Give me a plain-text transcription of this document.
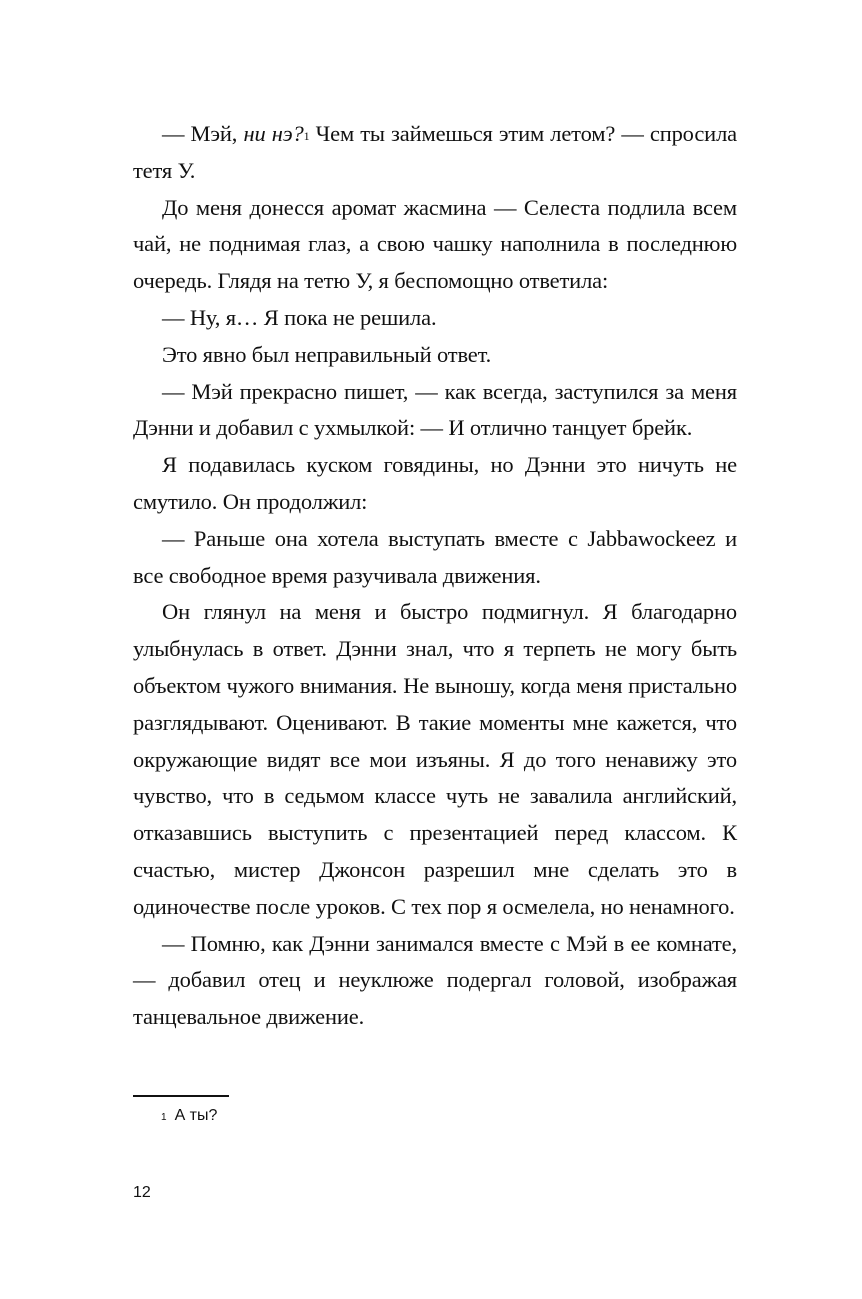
— Мэй, ни нэ?$^1$ Чем ты займешься этим летом? — спросила тетя У.

До меня донесся аромат жасмина — Селеста подлила всем чай, не поднимая глаз, а свою чашку наполнила в последнюю очередь. Глядя на тетю У, я беспомощно ответила:

— Ну, я… Я пока не решила.

Это явно был неправильный ответ.

— Мэй прекрасно пишет, — как всегда, заступился за меня Дэнни и добавил с ухмылкой: — И отлично танцует брейк.

Я подавилась куском говядины, но Дэнни это ничуть не смутило. Он продолжил:

— Раньше она хотела выступать вместе с Jabbawockeez и все свободное время разучивала движения.

Он глянул на меня и быстро подмигнул. Я благодарно улыбнулась в ответ. Дэнни знал, что я терпеть не могу быть объектом чужого внимания. Не выношу, когда меня пристально разглядывают. Оценивают. В такие моменты мне кажется, что окружающие видят все мои изъяны. Я до того ненавижу это чувство, что в седьмом классе чуть не завалила английский, отказавшись выступить с презентацией перед классом. К счастью, мистер Джонсон разрешил мне сделать это в одиночестве после уроков. С тех пор я осмелела, но ненамного.

— Помню, как Дэнни занимался вместе с Мэй в ее комнате, — добавил отец и неуклюже подергал головой, изображая танцевальное движение.

$^1$ А ты?
12
